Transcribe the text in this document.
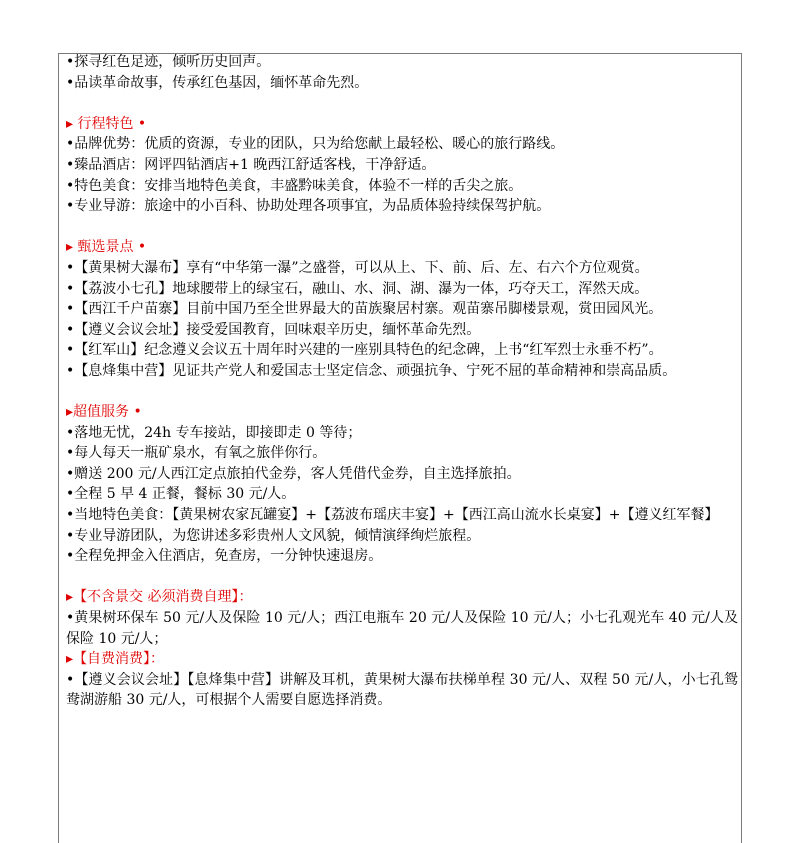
•探寻红色足迹，倾听历史回声。

•品读革命故事，传承红色基因，缅怀革命先烈。

▸ 行程特色 •

•品牌优势：优质的资源，专业的团队，只为给您献上最轻松、暖心的旅行路线。

•臻品酒店：网评四钻酒店+1 晚西江舒适客栈，干净舒适。

•特色美食：安排当地特色美食，丰盛黔味美食，体验不一样的舌尖之旅。

•专业导游：旅途中的小百科、协助处理各项事宜，为品质体验持续保驾护航。

▸ 甄选景点 •

•【黄果树大瀑布】享有“中华第一瀑”之盛誉，可以从上、下、前、后、左、右六个方位观赏。

•【荔波小七孔】地球腰带上的绿宝石，融山、水、洞、湖、瀑为一体，巧夺天工，浑然天成。

•【西江千户苗寨】目前中国乃至全世界最大的苗族聚居村寨。观苗寨吊脚楼景观，赏田园风光。

•【遵义会议会址】接受爱国教育，回味艰辛历史，缅怀革命先烈。

•【红军山】纪念遵义会议五十周年时兴建的一座别具特色的纪念碑，上书“红军烈士永垂不朽”。

•【息烽集中营】见证共产党人和爱国志士坚定信念、顽强抗争、宁死不屈的革命精神和崇高品质。

▸超值服务 •

•落地无忧，24h 专车接站，即接即走 0 等待；

•每人每天一瓶矿泉水，有氧之旅伴你行。

•赠送 200 元/人西江定点旅拍代金券，客人凭借代金券，自主选择旅拍。

•全程 5 早 4 正餐，餐标 30 元/人。

•当地特色美食：【黄果树农家瓦罐宴】+【荔波布瑶庆丰宴】+【西江高山流水长桌宴】+【遵义红军餐】

•专业导游团队，为您讲述多彩贵州人文风貌，倾情演绎绚烂旅程。

•全程免押金入住酒店，免查房，一分钟快速退房。

▸【不含景交 必须消费自理】：

•黄果树环保车 50 元/人及保险 10 元/人；西江电瓶车 20 元/人及保险 10 元/人；小七孔观光车 40 元/人及保险 10 元/人；

▸【自费消费】：

•【遵义会议会址】【息烽集中营】讲解及耳机，黄果树大瀑布扶梯单程 30 元/人、双程 50 元/人，小七孔鸳鸯湖游船 30 元/人，可根据个人需要自愿选择消费。
